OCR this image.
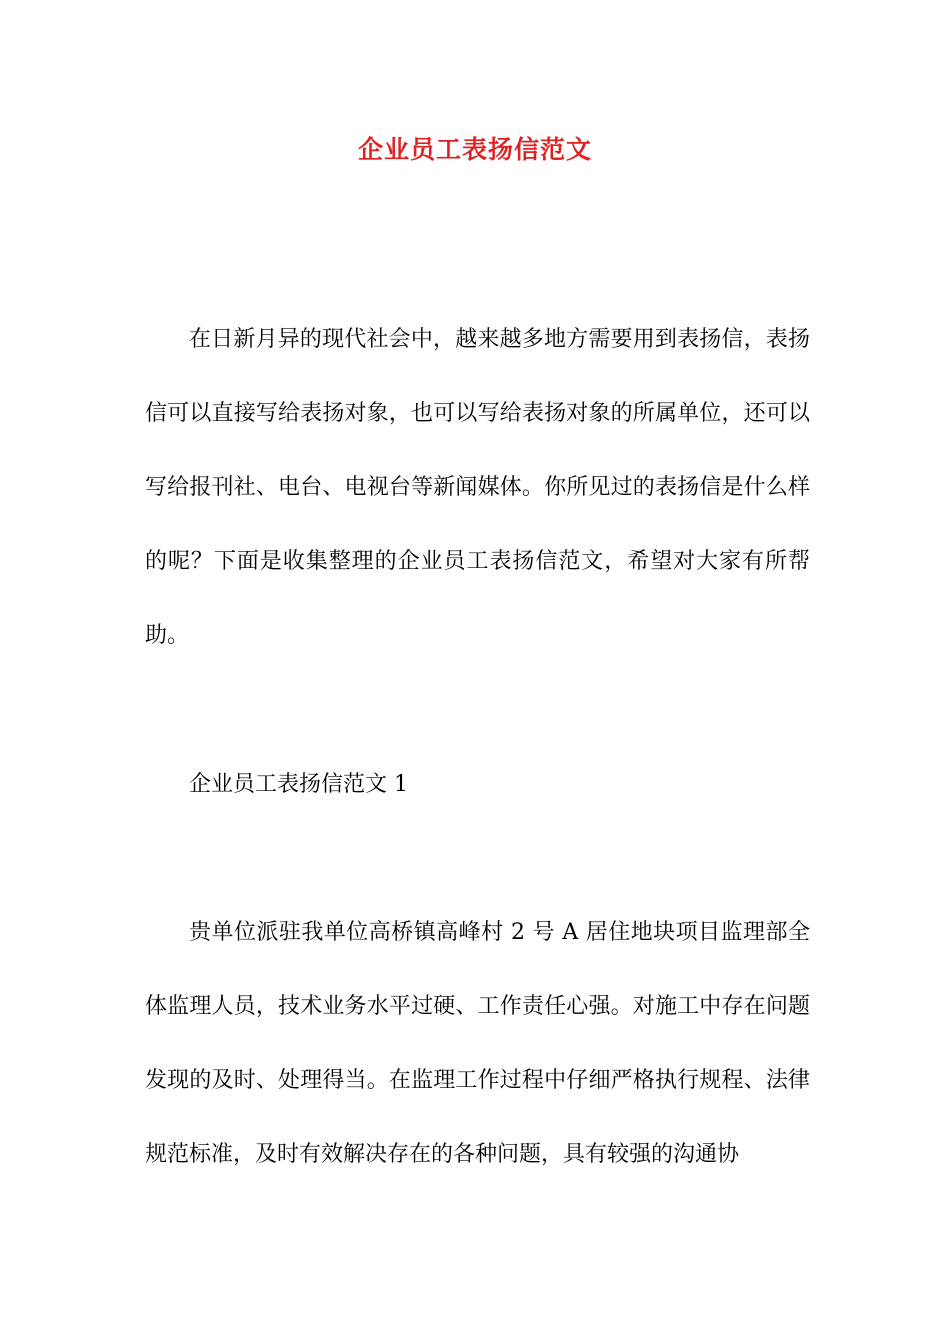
企业员工表扬信范文

在日新月异的现代社会中，越来越多地方需要用到表扬信，表扬信可以直接写给表扬对象，也可以写给表扬对象的所属单位，还可以写给报刊社、电台、电视台等新闻媒体。你所见过的表扬信是什么样的呢？下面是收集整理的企业员工表扬信范文，希望对大家有所帮助。

企业员工表扬信范文 1

贵单位派驻我单位高桥镇高峰村 2 号 A 居住地块项目监理部全体监理人员，技术业务水平过硬、工作责任心强。对施工中存在问题发现的及时、处理得当。在监理工作过程中仔细严格执行规程、法律规范标准，及时有效解决存在的各种问题，具有较强的沟通协
